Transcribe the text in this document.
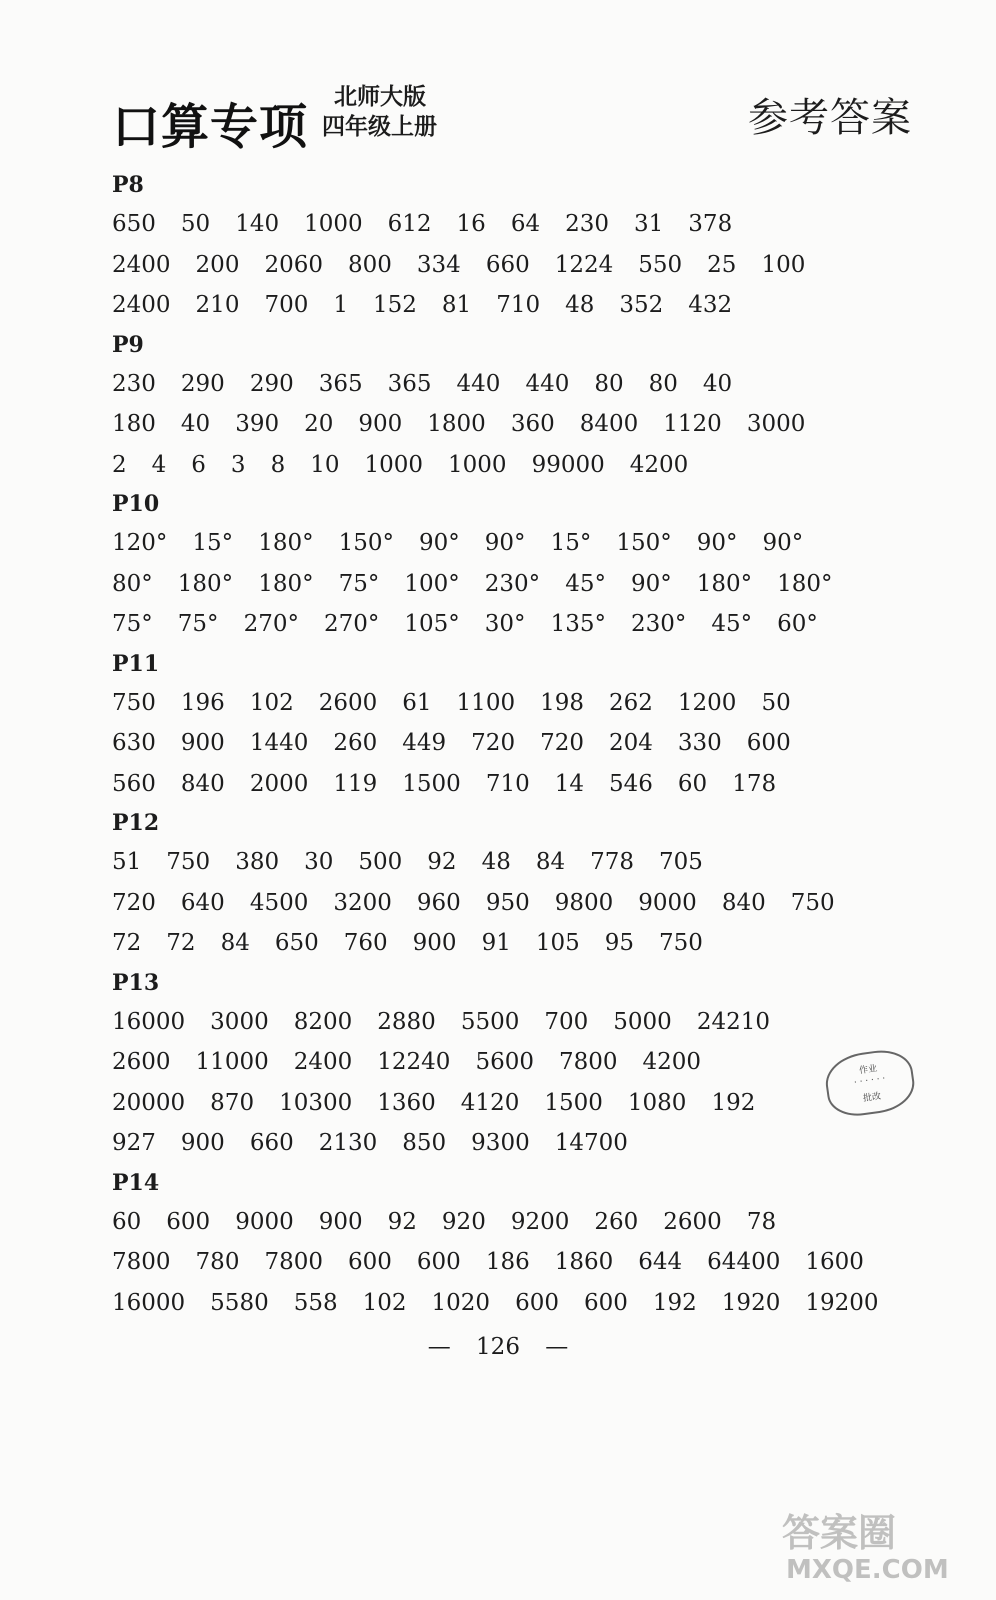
口算专项
北师大版
四年级上册	参考答案
P8
650 50 140 1000 612 16 64 230 31 378
2400 200 2060 800 334 660 1224 550 25 100
2400 210 700 1 152 81 710 48 352 432
P9
230 290 290 365 365 440 440 80 80 40
180 40 390 20 900 1800 360 8400 1120 3000
2 4 6 3 8 10 1000 1000 99000 4200
P10
120° 15° 180° 150° 90° 90° 15° 150° 90° 90°
80° 180° 180° 75° 100° 230° 45° 90° 180° 180°
75° 75° 270° 270° 105° 30° 135° 230° 45° 60°
P11
750 196 102 2600 61 1100 198 262 1200 50
630 900 1440 260 449 720 720 204 330 600
560 840 2000 119 1500 710 14 546 60 178
P12
51 750 380 30 500 92 48 84 778 705
720 640 4500 3200 960 950 9800 9000 840 750
72 72 84 650 760 900 91 105 95 750
P13
16000 3000 8200 2880 5500 700 5000 24210
2600 11000 2400 12240 5600 7800 4200
20000 870 10300 1360 4120 1500 1080 192
927 900 660 2130 850 9300 14700
P14
60 600 9000 900 92 920 9200 260 2600 78
7800 780 7800 600 600 186 1860 644 64400 1600
16000 5580 558 102 1020 600 600 192 1920 19200
作业
· · · · · ·
批改
— 126 —
答案圈
MXQE.COM
